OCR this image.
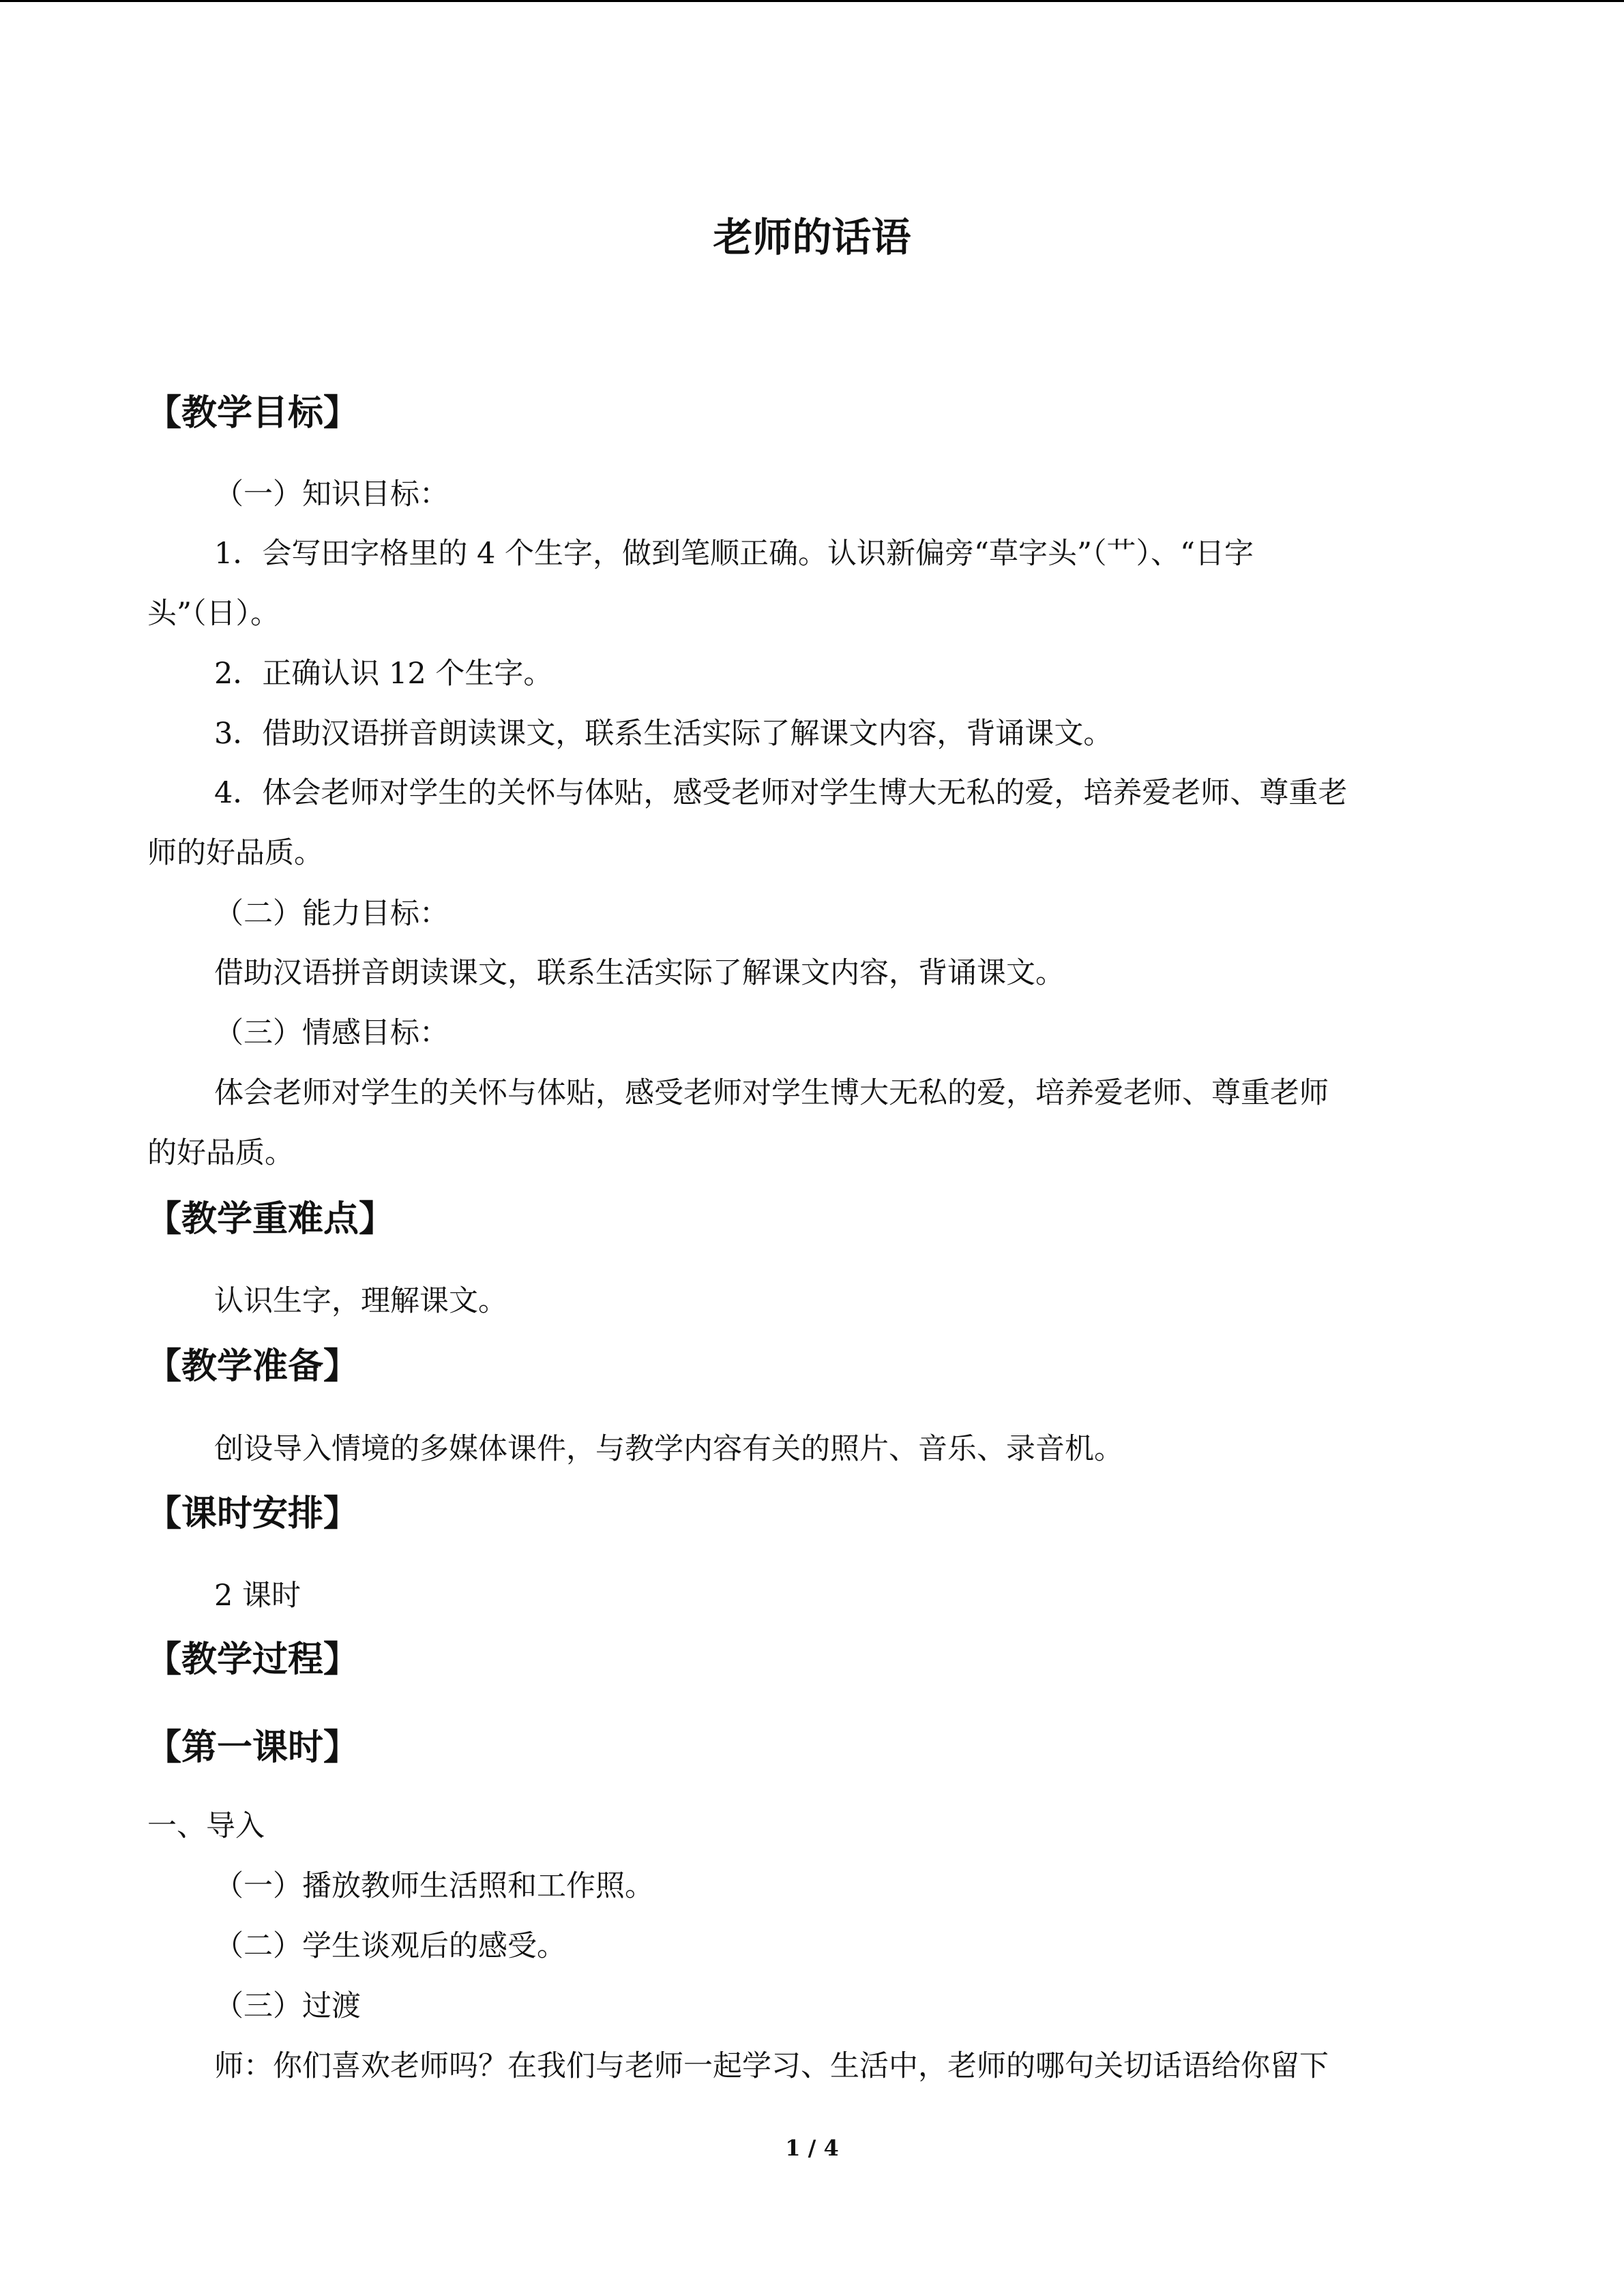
老师的话语
【教学目标】

（一）知识目标：

1．会写田字格里的 4 个生字，做到笔顺正确。认识新偏旁“草字头”（艹）、“日字

头”（日）。

2．正确认识 12 个生字。

3．借助汉语拼音朗读课文，联系生活实际了解课文内容，背诵课文。

4．体会老师对学生的关怀与体贴，感受老师对学生博大无私的爱，培养爱老师、尊重老

师的好品质。

（二）能力目标：

借助汉语拼音朗读课文，联系生活实际了解课文内容，背诵课文。

（三）情感目标：

体会老师对学生的关怀与体贴，感受老师对学生博大无私的爱，培养爱老师、尊重老师

的好品质。

【教学重难点】

认识生字，理解课文。

【教学准备】

创设导入情境的多媒体课件，与教学内容有关的照片、音乐、录音机。

【课时安排】

2 课时

【教学过程】
【第一课时】

一、导入

（一）播放教师生活照和工作照。

（二）学生谈观后的感受。

（三）过渡

师：你们喜欢老师吗？在我们与老师一起学习、生活中，老师的哪句关切话语给你留下

1 / 4
